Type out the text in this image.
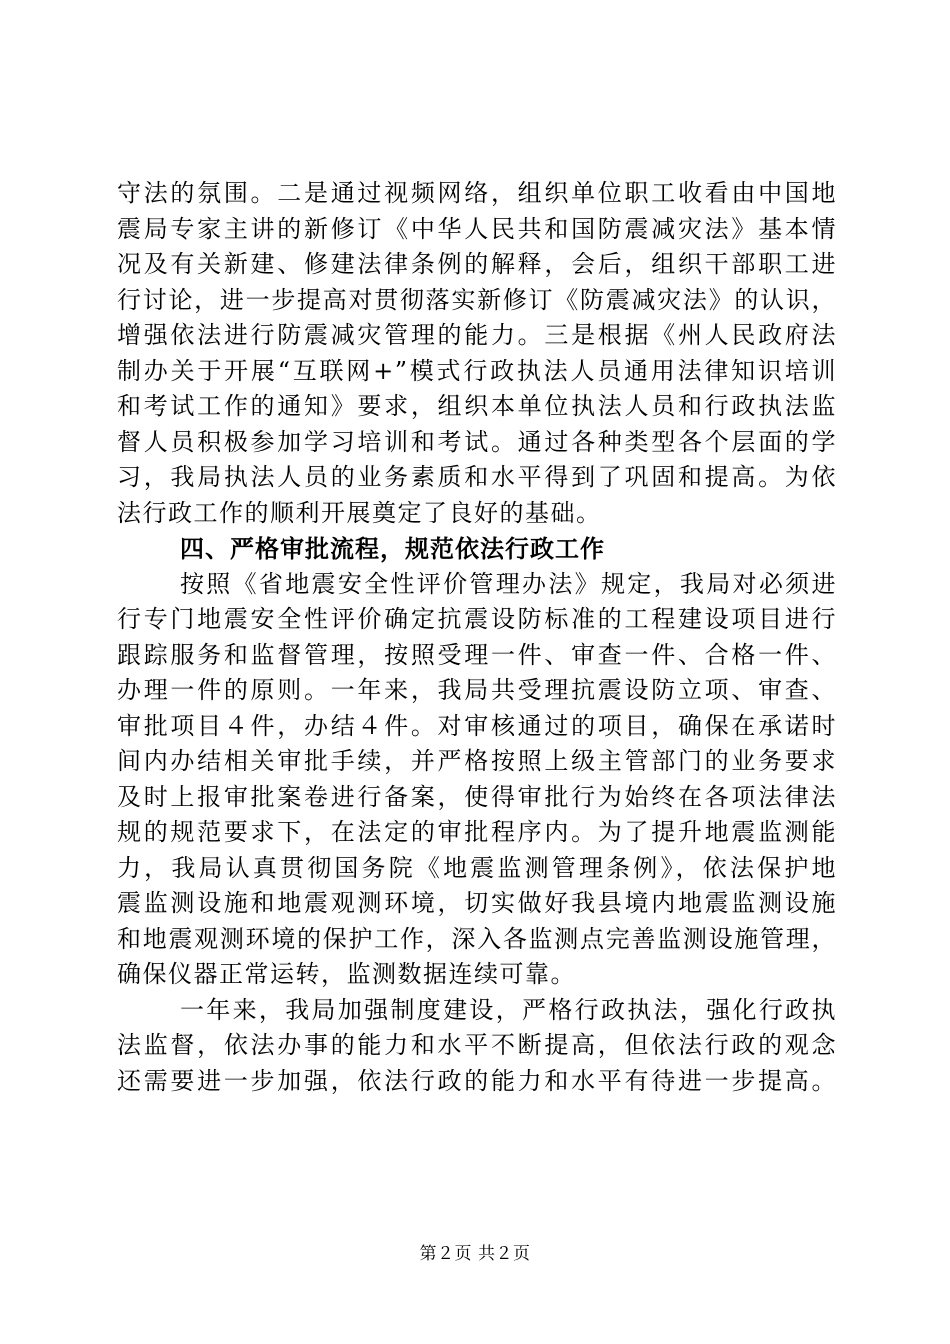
守法的氛围。二是通过视频网络，组织单位职工收看由中国地

震局专家主讲的新修订《中华人民共和国防震减灾法》基本情

况及有关新建、修建法律条例的解释，会后，组织干部职工进

行讨论，进一步提高对贯彻落实新修订《防震减灾法》的认识，

增强依法进行防震减灾管理的能力。三是根据《州人民政府法

制办关于开展“互联网+”模式行政执法人员通用法律知识培训

和考试工作的通知》要求，组织本单位执法人员和行政执法监

督人员积极参加学习培训和考试。通过各种类型各个层面的学

习，我局执法人员的业务素质和水平得到了巩固和提高。为依

法行政工作的顺利开展奠定了良好的基础。

四、严格审批流程，规范依法行政工作

按照《省地震安全性评价管理办法》规定，我局对必须进

行专门地震安全性评价确定抗震设防标准的工程建设项目进行

跟踪服务和监督管理，按照受理一件、审查一件、合格一件、

办理一件的原则。一年来，我局共受理抗震设防立项、审查、

审批项目４件，办结４件。对审核通过的项目，确保在承诺时

间内办结相关审批手续，并严格按照上级主管部门的业务要求

及时上报审批案卷进行备案，使得审批行为始终在各项法律法

规的规范要求下，在法定的审批程序内。为了提升地震监测能

力，我局认真贯彻国务院《地震监测管理条例》，依法保护地

震监测设施和地震观测环境，切实做好我县境内地震监测设施

和地震观测环境的保护工作，深入各监测点完善监测设施管理，

确保仪器正常运转，监测数据连续可靠。

一年来，我局加强制度建设，严格行政执法，强化行政执

法监督，依法办事的能力和水平不断提高，但依法行政的观念

还需要进一步加强，依法行政的能力和水平有待进一步提高。

第２页 共２页
